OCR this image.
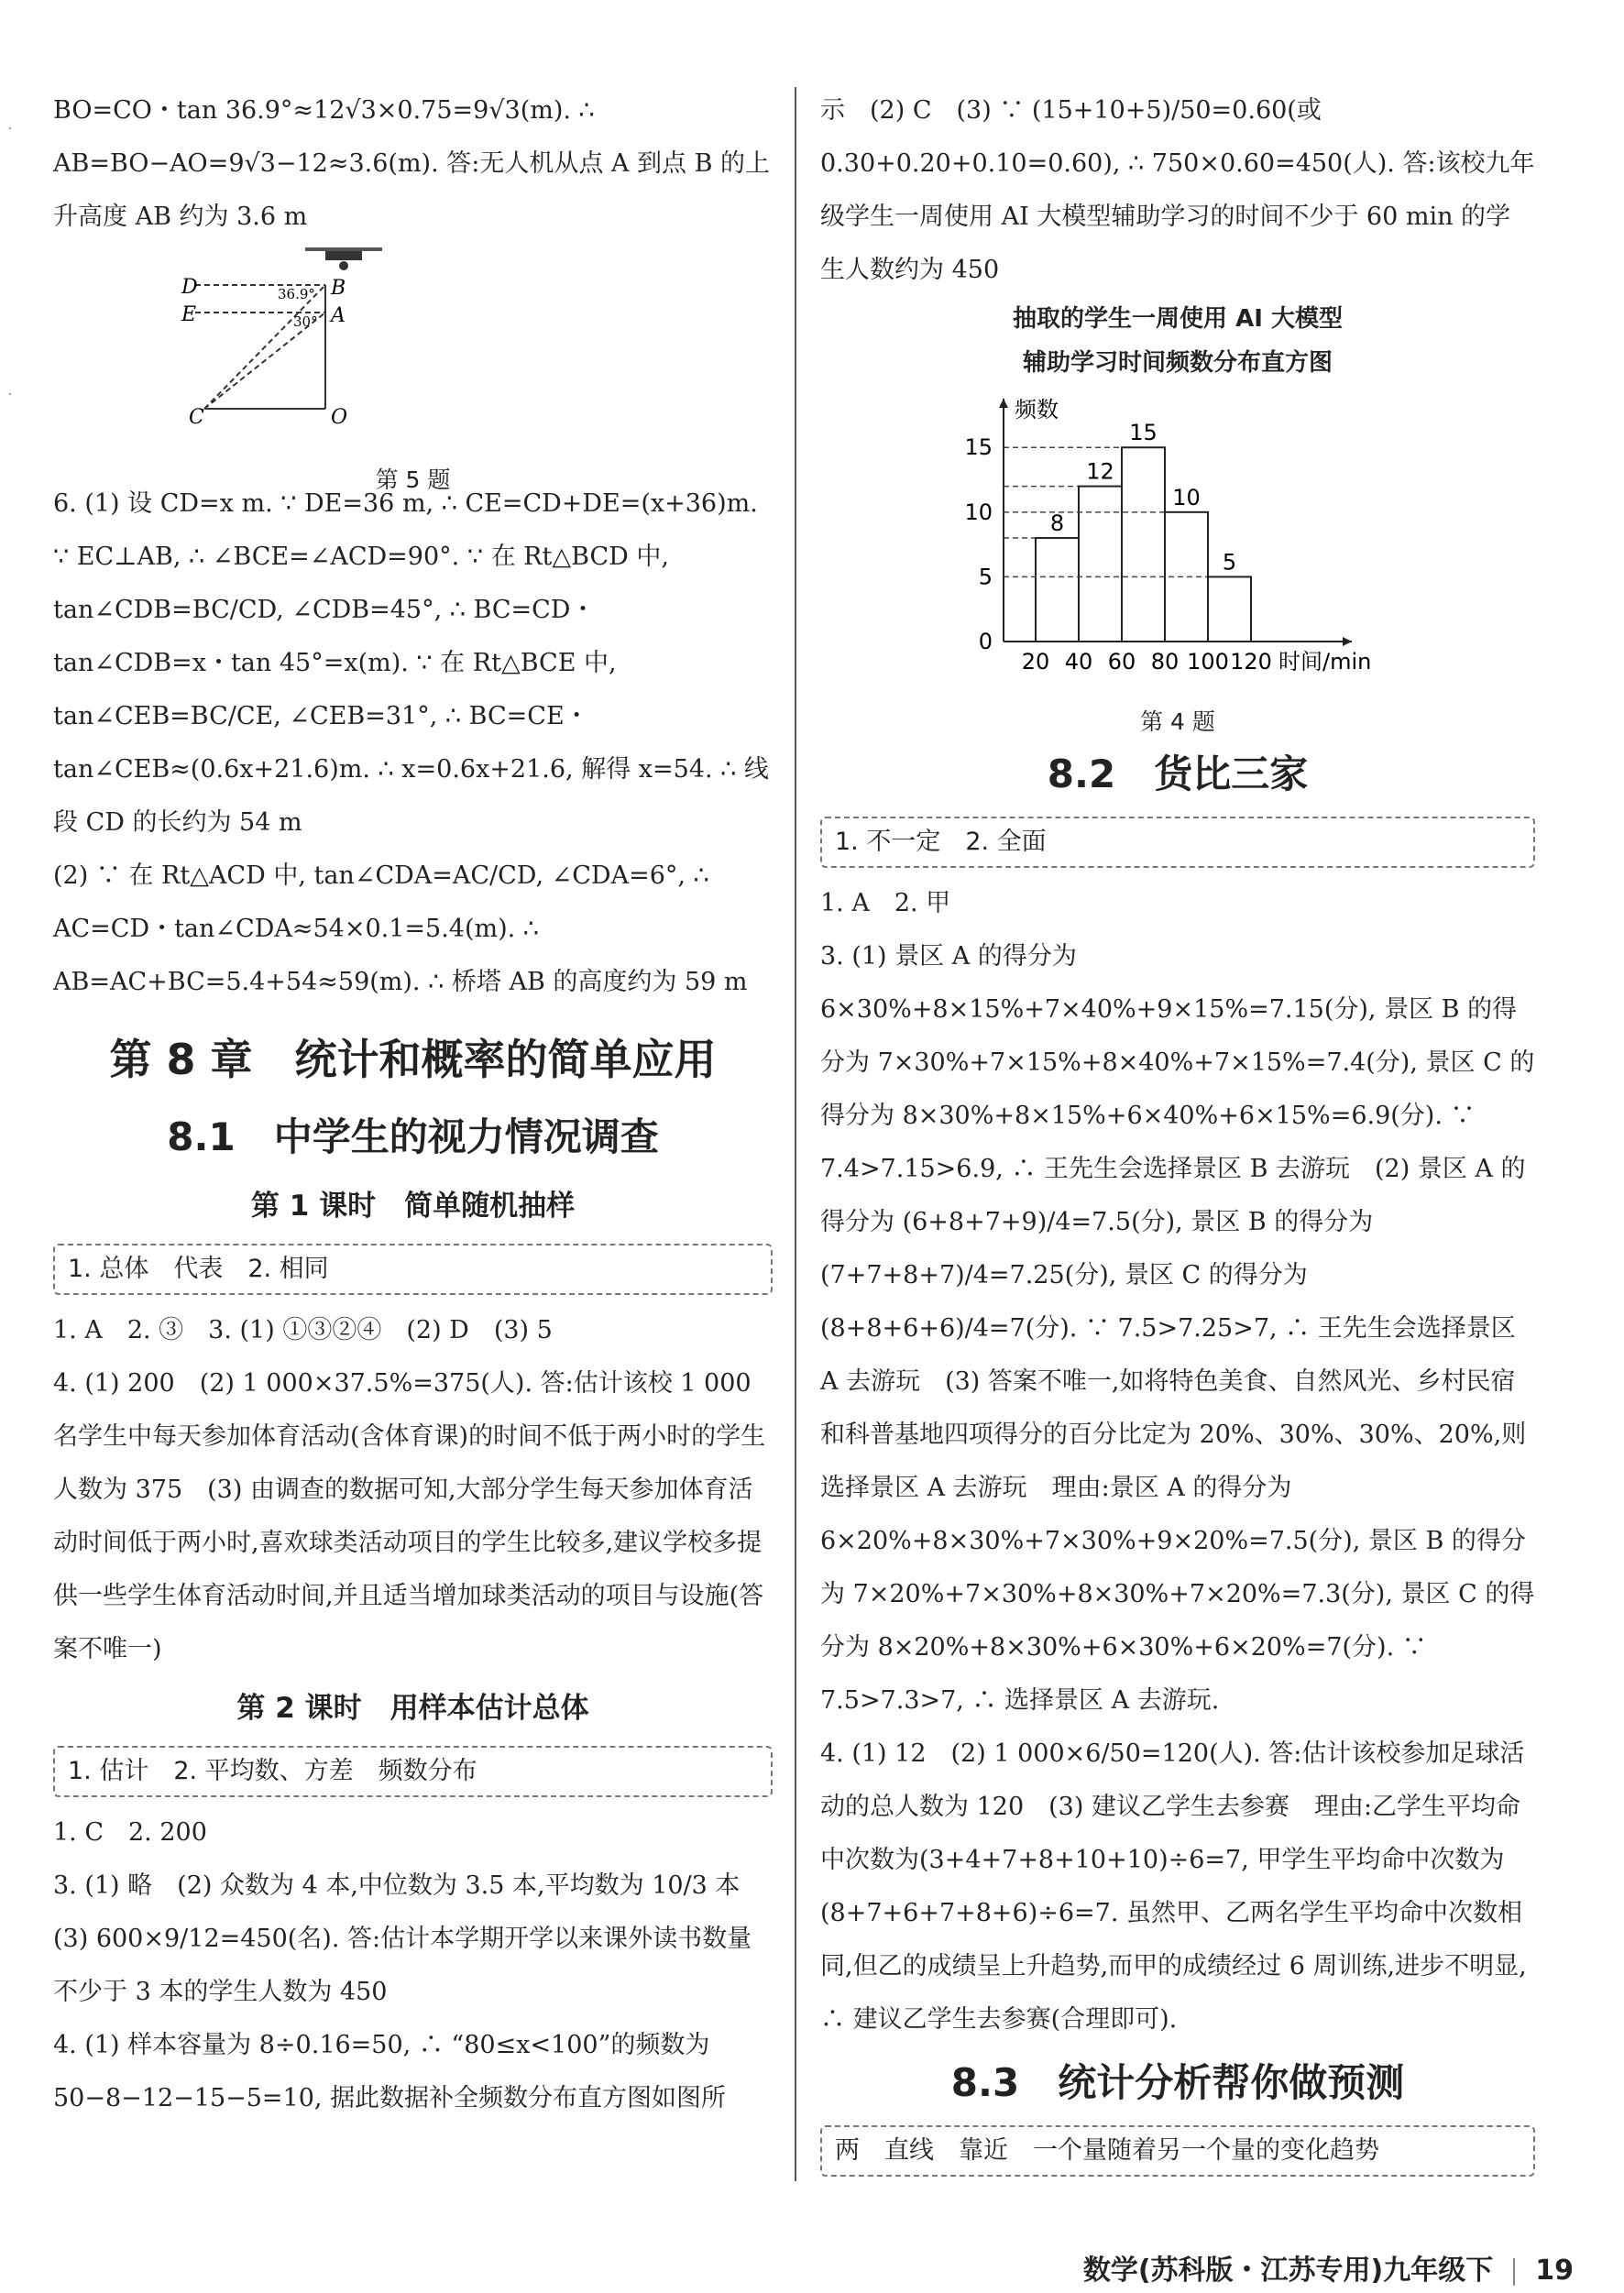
·
·

BO=CO・tan 36.9°≈12√3×0.75=9√3(m). ∴ AB=BO−AO=9√3−12≈3.6(m). 答:无人机从点 A 到点 B 的上升高度 AB 约为 3.6 m

D
E
B
A
C	O
36.9°
30°
第 5 题

6. (1) 设 CD=x m. ∵ DE=36 m, ∴ CE=CD+DE=(x+36)m. ∵ EC⊥AB, ∴ ∠BCE=∠ACD=90°. ∵ 在 Rt△BCD 中, tan∠CDB=BC/CD, ∠CDB=45°, ∴ BC=CD・tan∠CDB=x・tan 45°=x(m). ∵ 在 Rt△BCE 中, tan∠CEB=BC/CE, ∠CEB=31°, ∴ BC=CE・tan∠CEB≈(0.6x+21.6)m. ∴ x=0.6x+21.6, 解得 x=54. ∴ 线段 CD 的长约为 54 m

(2) ∵ 在 Rt△ACD 中, tan∠CDA=AC/CD, ∠CDA=6°, ∴ AC=CD・tan∠CDA≈54×0.1=5.4(m). ∴ AB=AC+BC=5.4+54≈59(m). ∴ 桥塔 AB 的高度约为 59 m

第 8 章　统计和概率的简单应用
8.1　中学生的视力情况调查
第 1 课时　简单随机抽样
1. 总体　代表　2. 相同

1. A　2. ③　3. (1) ①③②④　(2) D　(3) 5

4. (1) 200　(2) 1 000×37.5%=375(人). 答:估计该校 1 000 名学生中每天参加体育活动(含体育课)的时间不低于两小时的学生人数为 375　(3) 由调查的数据可知,大部分学生每天参加体育活动时间低于两小时,喜欢球类活动项目的学生比较多,建议学校多提供一些学生体育活动时间,并且适当增加球类活动的项目与设施(答案不唯一)

第 2 课时　用样本估计总体
1. 估计　2. 平均数、方差　频数分布

1. C　2. 200

3. (1) 略　(2) 众数为 4 本,中位数为 3.5 本,平均数为 10/3 本

(3) 600×9/12=450(名). 答:估计本学期开学以来课外读书数量不少于 3 本的学生人数为 450

4. (1) 样本容量为 8÷0.16=50, ∴ “80≤x<100”的频数为 50−8−12−15−5=10, 据此数据补全频数分布直方图如图所

示　(2) C　(3) ∵ (15+10+5)/50=0.60(或 0.30+0.20+0.10=0.60), ∴ 750×0.60=450(人). 答:该校九年级学生一周使用 AI 大模型辅助学习的时间不少于 60 min 的学生人数约为 450

抽取的学生一周使用 AI 大模型
辅助学习时间频数分布直方图
频数
时间/min
0
5
10
15
8
12
15
10
5
20 40 60 80 100 120
第 4 题
8.2　货比三家
1. 不一定　2. 全面

1. A　2. 甲

3. (1) 景区 A 的得分为 6×30%+8×15%+7×40%+9×15%=7.15(分), 景区 B 的得分为 7×30%+7×15%+8×40%+7×15%=7.4(分), 景区 C 的得分为 8×30%+8×15%+6×40%+6×15%=6.9(分). ∵ 7.4>7.15>6.9, ∴ 王先生会选择景区 B 去游玩　(2) 景区 A 的得分为 (6+8+7+9)/4=7.5(分), 景区 B 的得分为 (7+7+8+7)/4=7.25(分), 景区 C 的得分为 (8+8+6+6)/4=7(分). ∵ 7.5>7.25>7, ∴ 王先生会选择景区 A 去游玩　(3) 答案不唯一,如将特色美食、自然风光、乡村民宿和科普基地四项得分的百分比定为 20%、30%、30%、20%,则选择景区 A 去游玩　理由:景区 A 的得分为 6×20%+8×30%+7×30%+9×20%=7.5(分), 景区 B 的得分为 7×20%+7×30%+8×30%+7×20%=7.3(分), 景区 C 的得分为 8×20%+8×30%+6×30%+6×20%=7(分). ∵ 7.5>7.3>7, ∴ 选择景区 A 去游玩.

4. (1) 12　(2) 1 000×6/50=120(人). 答:估计该校参加足球活动的总人数为 120　(3) 建议乙学生去参赛　理由:乙学生平均命中次数为(3+4+7+8+10+10)÷6=7, 甲学生平均命中次数为(8+7+6+7+8+6)÷6=7. 虽然甲、乙两名学生平均命中次数相同,但乙的成绩呈上升趋势,而甲的成绩经过 6 周训练,进步不明显, ∴ 建议乙学生去参赛(合理即可).

8.3　统计分析帮你做预测
两　直线　靠近　一个量随着另一个量的变化趋势
数学(苏科版・江苏专用)九年级下 19
